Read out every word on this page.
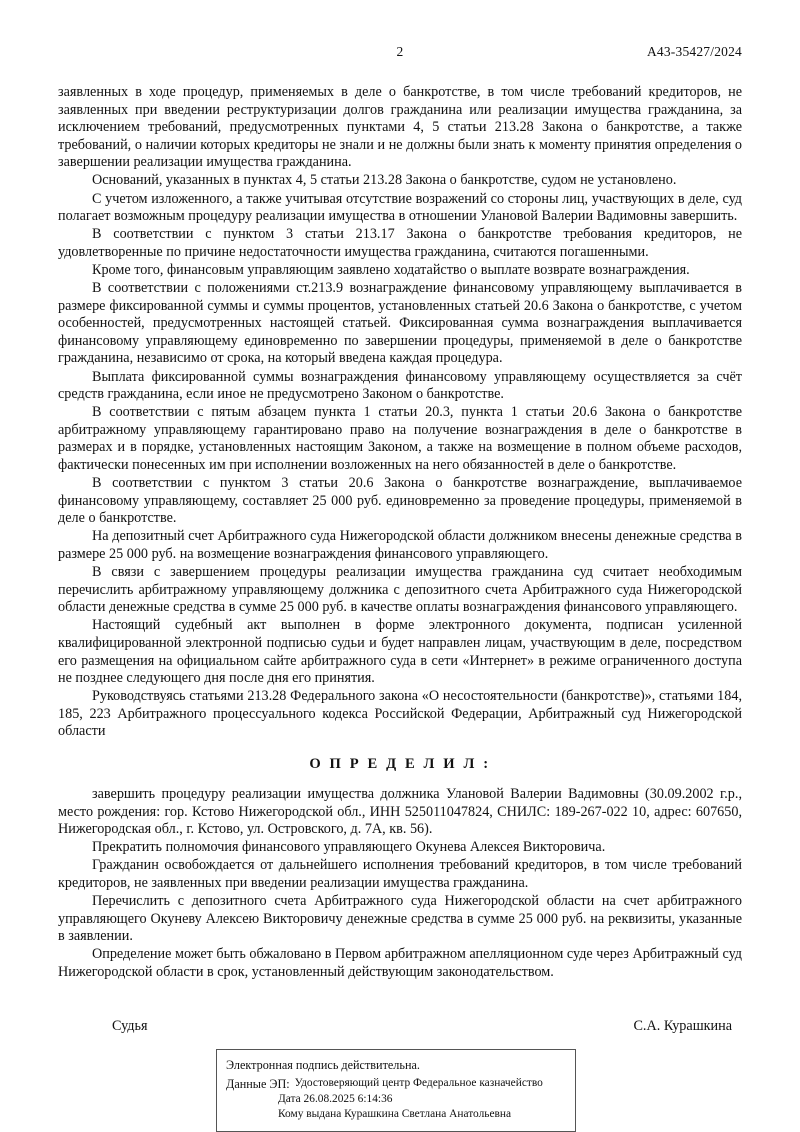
2	А43-35427/2024

заявленных в ходе процедур, применяемых в деле о банкротстве, в том числе требований кредиторов, не заявленных при введении реструктуризации долгов гражданина или реализации имущества гражданина, за исключением требований, предусмотренных пунктами 4, 5 статьи 213.28 Закона о банкротстве, а также требований, о наличии которых кредиторы не знали и не должны были знать к моменту принятия определения о завершении реализации имущества гражданина.

Оснований, указанных в пунктах 4, 5 статьи 213.28 Закона о банкротстве, судом не установлено.

С учетом изложенного, а также учитывая отсутствие возражений со стороны лиц, участвующих в деле, суд полагает возможным процедуру реализации имущества в отношении Улановой Валерии Вадимовны завершить.

В соответствии с пунктом 3 статьи 213.17 Закона о банкротстве требования кредиторов, не удовлетворенные по причине недостаточности имущества гражданина, считаются погашенными.

Кроме того, финансовым управляющим заявлено ходатайство о выплате возврате вознаграждения.

В соответствии с положениями ст.213.9 вознаграждение финансовому управляющему выплачивается в размере фиксированной суммы и суммы процентов, установленных статьей 20.6 Закона о банкротстве, с учетом особенностей, предусмотренных настоящей статьей. Фиксированная сумма вознаграждения выплачивается финансовому управляющему единовременно по завершении процедуры, применяемой в деле о банкротстве гражданина, независимо от срока, на который введена каждая процедура.

Выплата фиксированной суммы вознаграждения финансовому управляющему осуществляется за счёт средств гражданина, если иное не предусмотрено Законом о банкротстве.

В соответствии с пятым абзацем пункта 1 статьи 20.3, пункта 1 статьи 20.6 Закона о банкротстве арбитражному управляющему гарантировано право на получение вознаграждения в деле о банкротстве в размерах и в порядке, установленных настоящим Законом, а также на возмещение в полном объеме расходов, фактически понесенных им при исполнении возложенных на него обязанностей в деле о банкротстве.

В соответствии с пунктом 3 статьи 20.6 Закона о банкротстве вознаграждение, выплачиваемое финансовому управляющему, составляет 25 000 руб. единовременно за проведение процедуры, применяемой в деле о банкротстве.

На депозитный счет Арбитражного суда Нижегородской области должником внесены денежные средства в размере 25 000 руб. на возмещение вознаграждения финансового управляющего.

В связи с завершением процедуры реализации имущества гражданина суд считает необходимым перечислить арбитражному управляющему должника с депозитного счета Арбитражного суда Нижегородской области денежные средства в сумме 25 000 руб. в качестве оплаты вознаграждения финансового управляющего.

Настоящий судебный акт выполнен в форме электронного документа, подписан усиленной квалифицированной электронной подписью судьи и будет направлен лицам, участвующим в деле, посредством его размещения на официальном сайте арбитражного суда в сети «Интернет» в режиме ограниченного доступа не позднее следующего дня после дня его принятия.

Руководствуясь статьями 213.28 Федерального закона «О несостоятельности (банкротстве)», статьями 184, 185, 223 Арбитражного процессуального кодекса Российской Федерации, Арбитражный суд Нижегородской области

О П Р Е Д Е Л И Л :

завершить процедуру реализации имущества должника Улановой Валерии Вадимовны (30.09.2002 г.р., место рождения: гор. Кстово Нижегородской обл., ИНН 525011047824, СНИЛС: 189-267-022 10, адрес: 607650, Нижегородская обл., г. Кстово, ул. Островского, д. 7А, кв. 56).

Прекратить полномочия финансового управляющего Окунева Алексея Викторовича.

Гражданин освобождается от дальнейшего исполнения требований кредиторов, в том числе требований кредиторов, не заявленных при введении реализации имущества гражданина.

Перечислить с депозитного счета Арбитражного суда Нижегородской области на счет арбитражного управляющего Окуневу Алексею Викторовичу денежные средства в сумме 25 000 руб. на реквизиты, указанные в заявлении.

Определение может быть обжаловано в Первом арбитражном апелляционном суде через Арбитражный суд Нижегородской области в срок, установленный действующим законодательством.

Судья	С.А. Курашкина
Электронная подпись действительна.
Данные ЭП: Удостоверяющий центр Федеральное казначейство
Дата 26.08.2025 6:14:36
Кому выдана Курашкина Светлана Анатольевна
